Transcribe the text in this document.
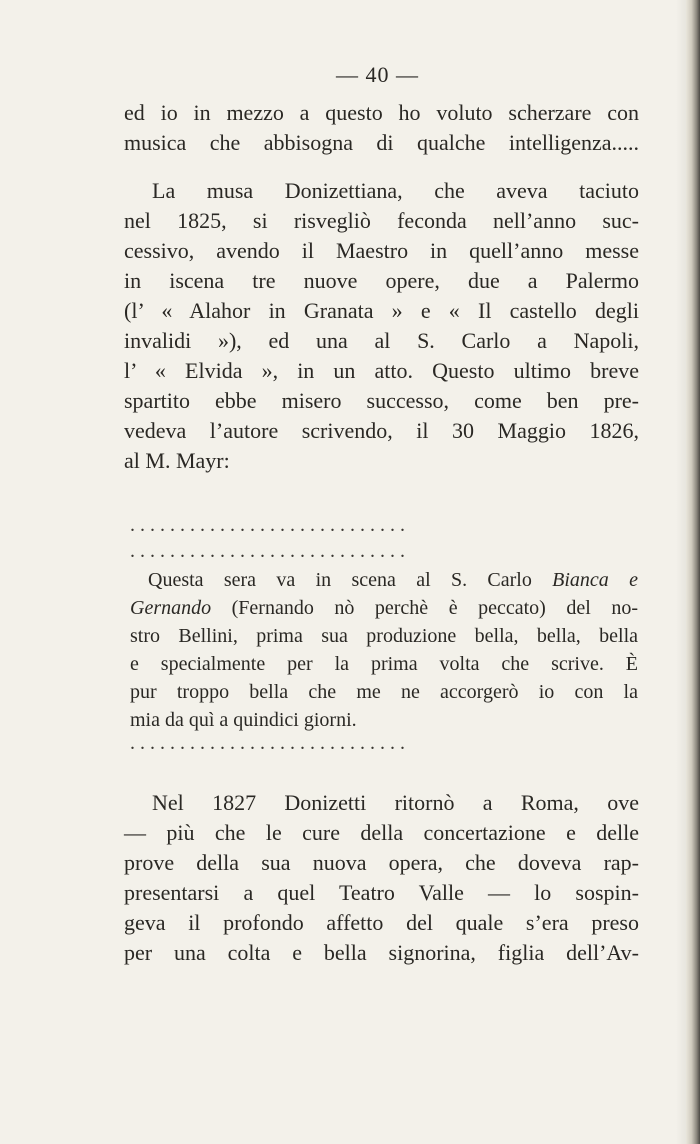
— 40 —

ed io in mezzo a questo ho voluto scherzare con
musica che abbisogna di qualche intelligenza.....

La musa Donizettiana, che aveva taciuto
nel 1825, si risvegliò feconda nell’anno suc-
cessivo, avendo il Maestro in quell’anno messe
in iscena tre nuove opere, due a Palermo
(l’ « Alahor in Granata » e « Il castello degli
invalidi »), ed una al S. Carlo a Napoli,
l’ « Elvida », in un atto. Questo ultimo breve
spartito ebbe misero successo, come ben pre-
vedeva l’autore scrivendo, il 30 Maggio 1826,
al M. Mayr:

. . . . . . . . . . . . . . . . . . . . . . . . . . . .
. . . . . . . . . . . . . . . . . . . . . . . . . . . .

Questa sera va in scena al S. Carlo Bianca e
Gernando (Fernando nò perchè è peccato) del no-
stro Bellini, prima sua produzione bella, bella, bella
e specialmente per la prima volta che scrive. È
pur troppo bella che me ne accorgerò io con la
mia da quì a quindici giorni.

. . . . . . . . . . . . . . . . . . . . . . . . . . . .

Nel 1827 Donizetti ritornò a Roma, ove
— più che le cure della concertazione e delle
prove della sua nuova opera, che doveva rap-
presentarsi a quel Teatro Valle — lo sospin-
geva il profondo affetto del quale s’era preso
per una colta e bella signorina, figlia dell’Av-
